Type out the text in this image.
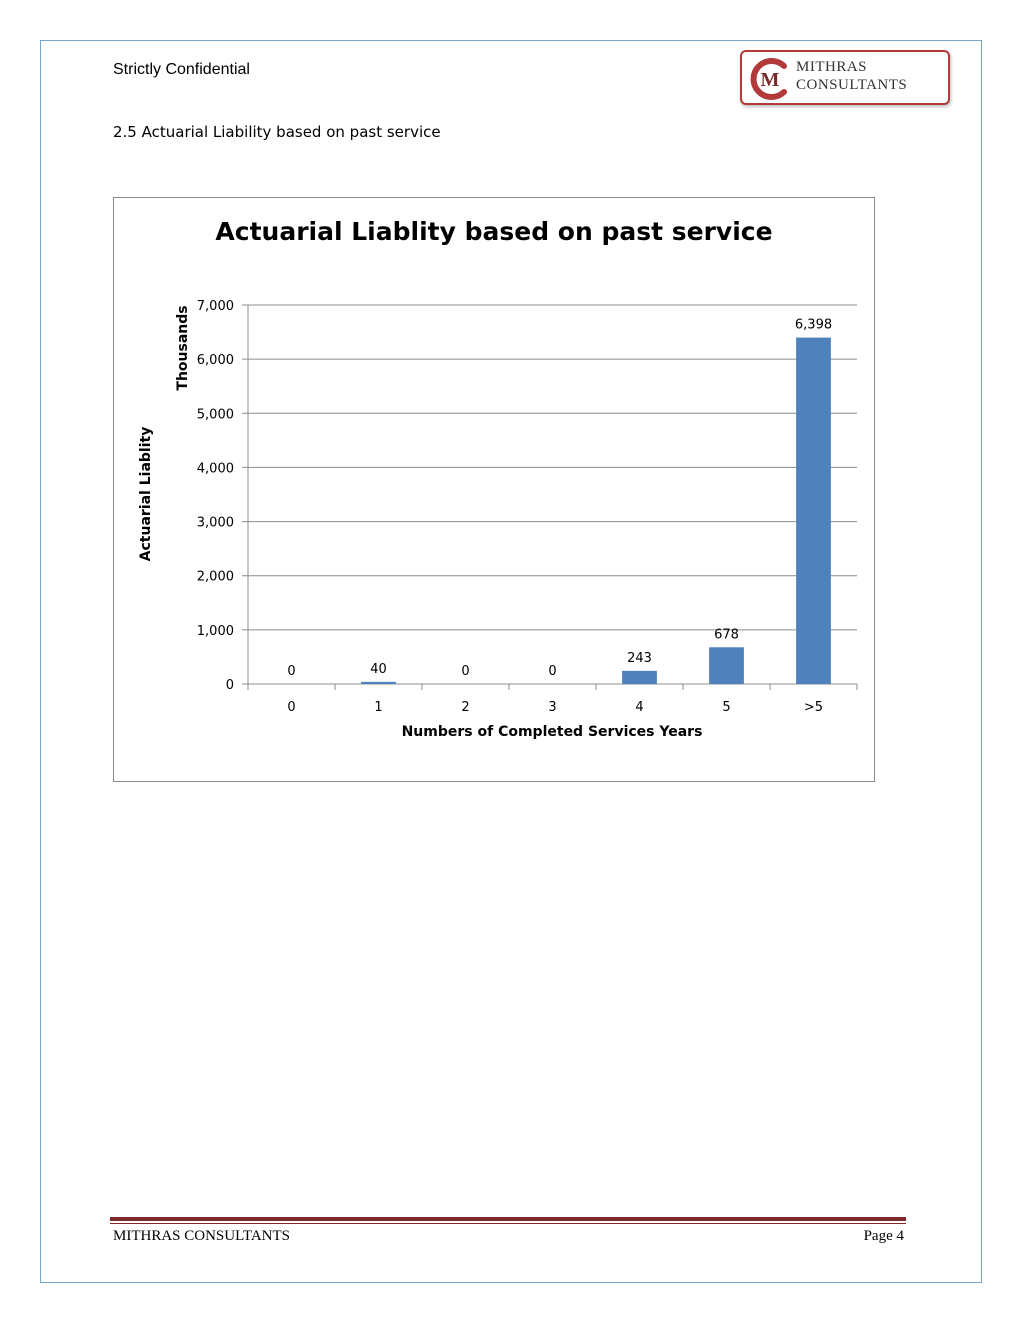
Strictly Confidential	M
MITHRAS
CONSULTANTS
2.5 Actuarial Liability based on past service
Actuarial Liablity based on past service
Thousands
Actuarial Liablity
Numbers of Completed Services Years
0
1,000
2,000
3,000
4,000
5,000
6,000
7,000
0
0
1
40
2
0
3
0
4
243
5
678
>5
6,398
MITHRAS CONSULTANTS	Page 4
